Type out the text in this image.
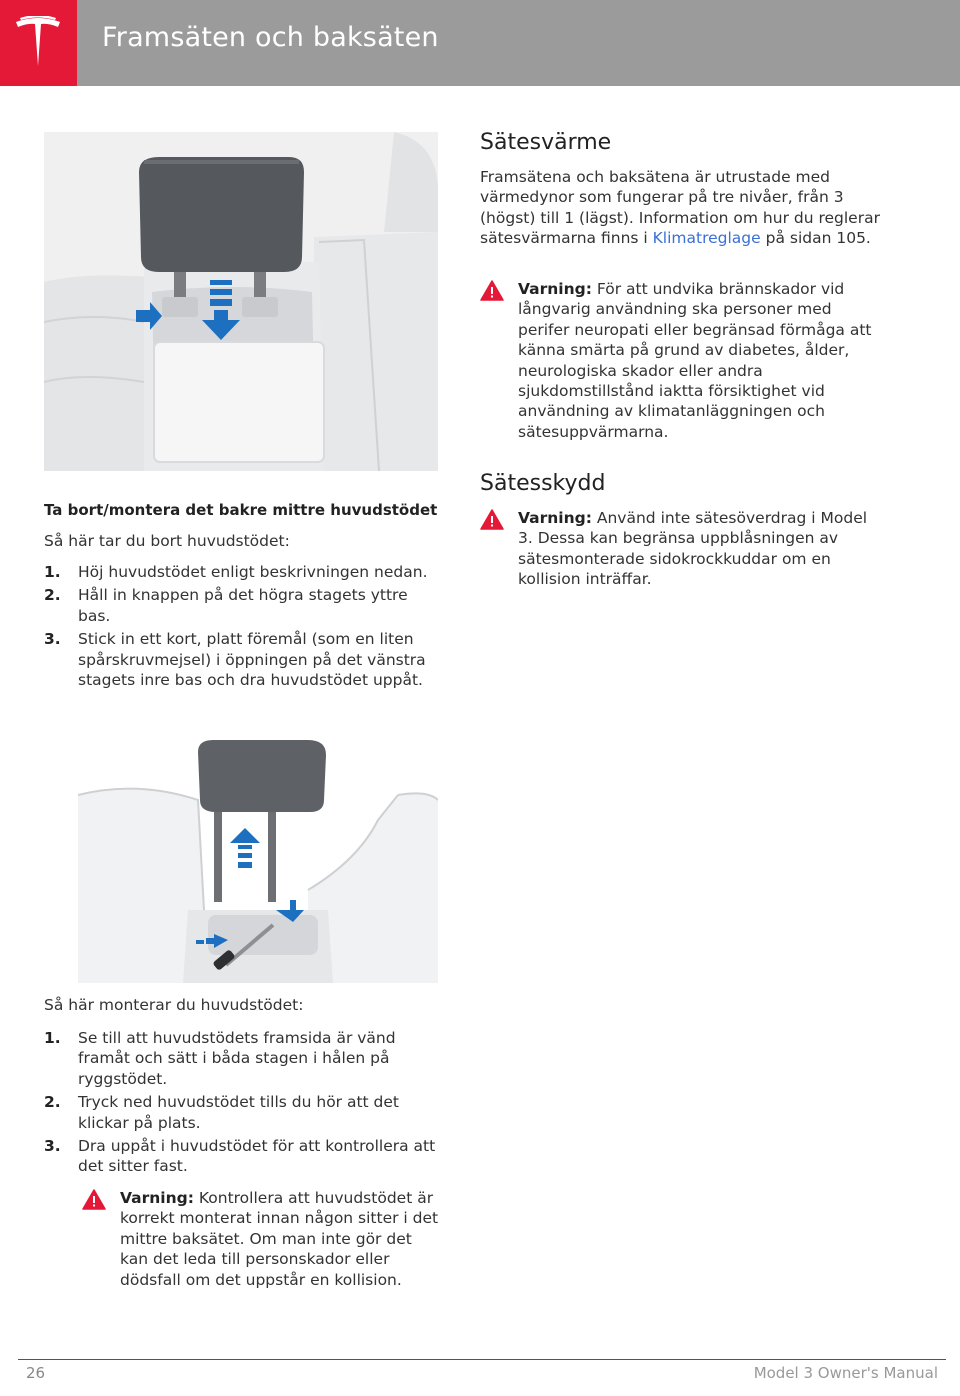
Framsäten och baksäten
Ta bort/montera det bakre mittre huvudstödet
Så här tar du bort huvudstödet:
1. Höj huvudstödet enligt beskrivningen nedan.
2. Håll in knappen på det högra stagets yttre bas.
3. Stick in ett kort, platt föremål (som en liten spårskruvmejsel) i öppningen på det vänstra stagets inre bas och dra huvudstödet uppåt.
Så här monterar du huvudstödet:
1. Se till att huvudstödets framsida är vänd framåt och sätt i båda stagen i hålen på ryggstödet.
2. Tryck ned huvudstödet tills du hör att det klickar på plats.
3. Dra uppåt i huvudstödet för att kontrollera att det sitter fast.
Varning: Kontrollera att huvudstödet är korrekt monterat innan någon sitter i det mittre baksätet. Om man inte gör det kan det leda till personskador eller dödsfall om det uppstår en kollision.
Sätesvärme
Framsätena och baksätena är utrustade med värmedynor som fungerar på tre nivåer, från 3 (högst) till 1 (lägst). Information om hur du reglerar sätesvärmarna finns i Klimatreglage på sidan 105.
Varning: För att undvika brännskador vid långvarig användning ska personer med perifer neuropati eller begränsad förmåga att känna smärta på grund av diabetes, ålder, neurologiska skador eller andra sjukdomstillstånd iaktta försiktighet vid användning av klimatanläggningen och sätesuppvärmarna.
Sätesskydd
Varning: Använd inte sätesöverdrag i Model 3. Dessa kan begränsa uppblåsningen av sätesmonterade sidokrockkuddar om en kollision inträffar.
26	Model 3 Owner's Manual
